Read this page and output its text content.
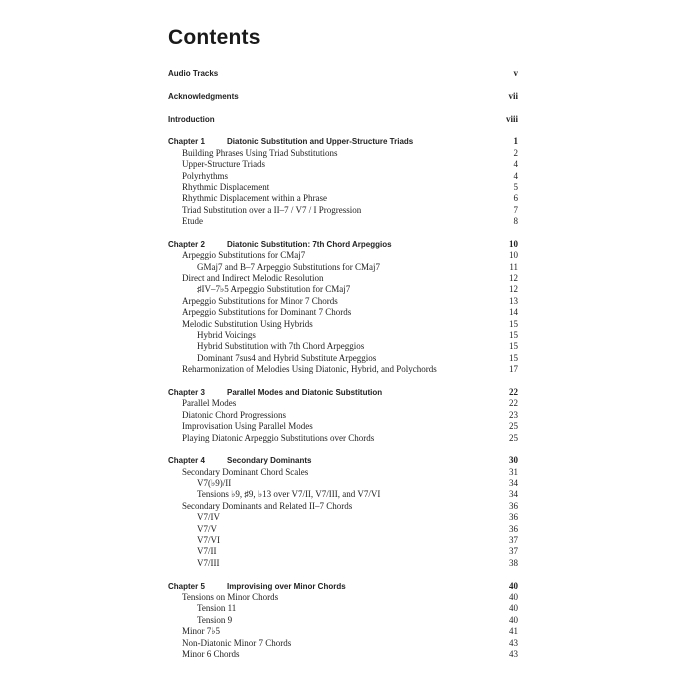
Contents
Audio Tracks	v
Acknowledgments	vii
Introduction	viii
Chapter 1	Diatonic Substitution and Upper-Structure Triads	1
Building Phrases Using Triad Substitutions	2
Upper-Structure Triads	4
Polyrhythms	4
Rhythmic Displacement	5
Rhythmic Displacement within a Phrase	6
Triad Substitution over a II–7 / V7 / I Progression	7
Etude	8
Chapter 2	Diatonic Substitution: 7th Chord Arpeggios	10
Arpeggio Substitutions for CMaj7	10
GMaj7 and B–7 Arpeggio Substitutions for CMaj7	11
Direct and Indirect Melodic Resolution	12
♯IV–7♭5 Arpeggio Substitution for CMaj7	12
Arpeggio Substitutions for Minor 7 Chords	13
Arpeggio Substitutions for Dominant 7 Chords	14
Melodic Substitution Using Hybrids	15
Hybrid Voicings	15
Hybrid Substitution with 7th Chord Arpeggios	15
Dominant 7sus4 and Hybrid Substitute Arpeggios	15
Reharmonization of Melodies Using Diatonic, Hybrid, and Polychords	17
Chapter 3	Parallel Modes and Diatonic Substitution	22
Parallel Modes	22
Diatonic Chord Progressions	23
Improvisation Using Parallel Modes	25
Playing Diatonic Arpeggio Substitutions over Chords	25
Chapter 4	Secondary Dominants	30
Secondary Dominant Chord Scales	31
V7(♭9)/II	34
Tensions ♭9, ♯9, ♭13 over V7/II, V7/III, and V7/VI	34
Secondary Dominants and Related II–7 Chords	36
V7/IV	36
V7/V	36
V7/VI	37
V7/II	37
V7/III	38
Chapter 5	Improvising over Minor Chords	40
Tensions on Minor Chords	40
Tension 11	40
Tension 9	40
Minor 7♭5	41
Non-Diatonic Minor 7 Chords	43
Minor 6 Chords	43
